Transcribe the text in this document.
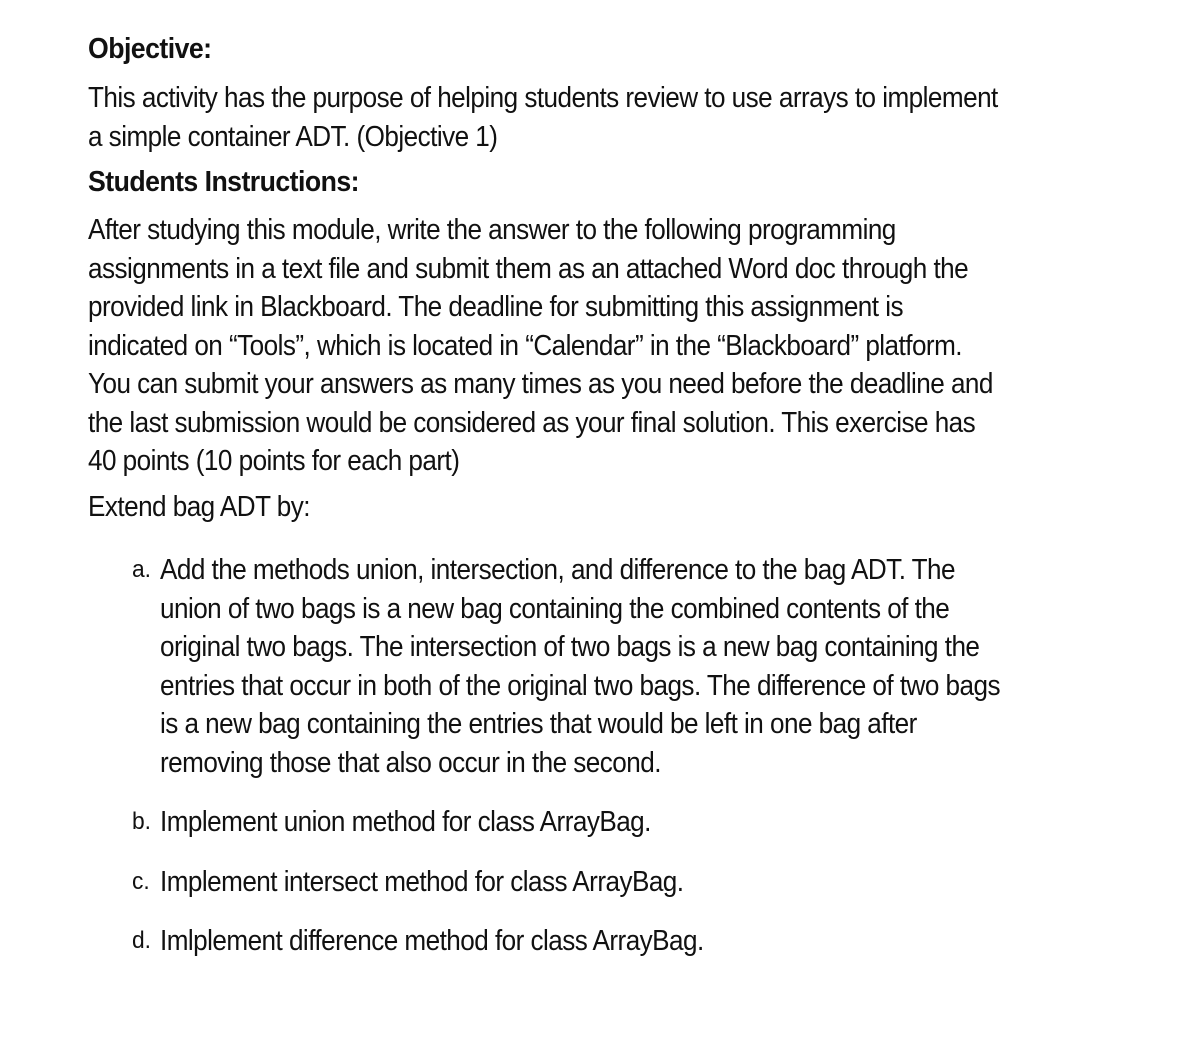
Objective:

This activity has the purpose of helping students review to use arrays to implement a simple container ADT. (Objective 1)

Students Instructions:

After studying this module, write the answer to the following programming assignments in a text file and submit them as an attached Word doc through the provided link in Blackboard. The deadline for submitting this assignment is indicated on “Tools”, which is located in “Calendar” in the “Blackboard” platform. You can submit your answers as many times as you need before the deadline and the last submission would be considered as your final solution. This exercise has 40 points (10 points for each part)

Extend bag ADT by:

a. Add the methods union, intersection, and difference to the bag ADT. The union of two bags is a new bag containing the combined contents of the original two bags. The intersection of two bags is a new bag containing the entries that occur in both of the original two bags. The difference of two bags is a new bag containing the entries that would be left in one bag after removing those that also occur in the second.
b. Implement union method for class ArrayBag.
c. Implement intersect method for class ArrayBag.
d. Imlplement difference method for class ArrayBag.
